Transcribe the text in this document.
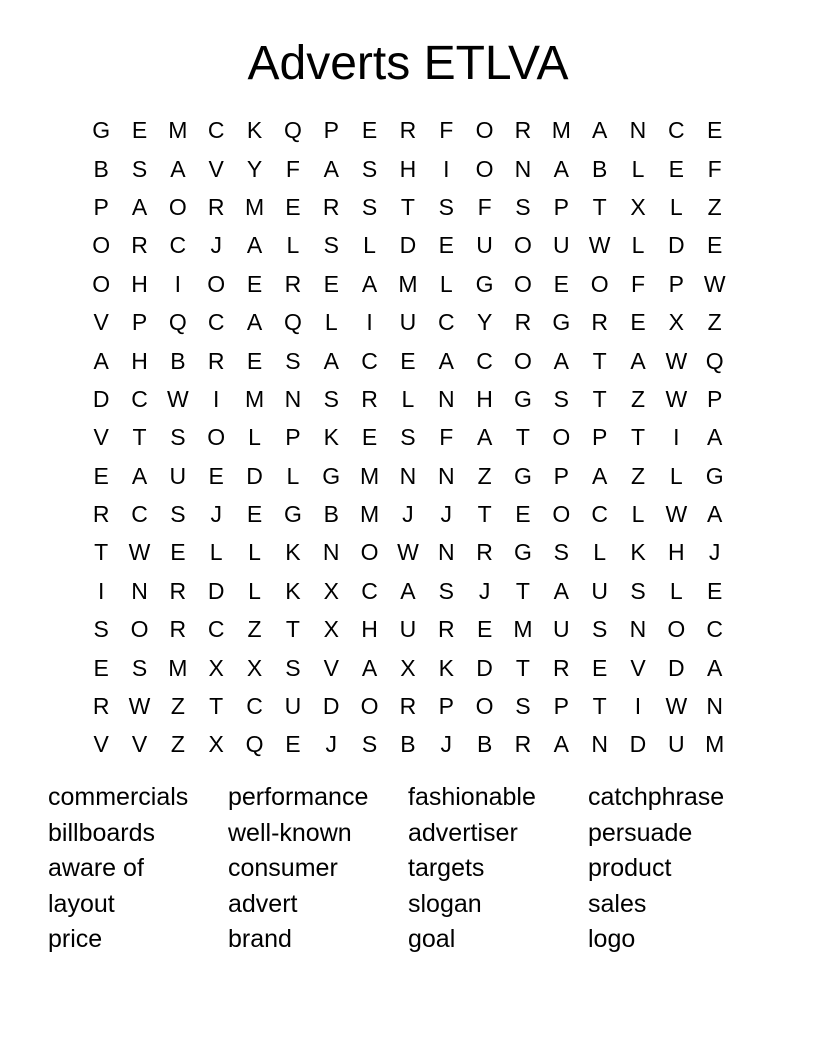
Adverts ETLVA
G E M C K Q P	E R	F O R M A N C E
B	S	A	V	Y	F	A	S H	I	O N A	B	L	E	F
P	A O R M E R S	T	S	F	S	P	T	X	L	Z
O R C	J	A	L	S	L	D E U O U W L	D E
O H	I	O E R E	A M L	G O E O F	P W
V	P Q C A Q	L	I	U C Y R G R E	X	Z
A H B R E	S	A C E	A C O A	T	A W Q
D C W	I	M N S R	L	N H G S	T	Z W P
V	T	S O	L	P	K	E	S	F	A	T O P	T	I	A
E	A U E D	L	G M N N	Z G P	A	Z	L	G
R C S	J	E G B M	J	J	T	E O C	L W A
T W E	L	L	K N O W N R G S	L	K H	J
I	N R D	L	K	X C A	S	J	T	A U S	L	E
S O R C	Z	T	X H U R E M U S N O C
E	S M X	X	S	V	A	X	K D	T	R E	V D A
R W Z	T	C U D O R P O S	P	T	I	W N
V	V	Z	X Q E	J	S	B	J	B R A N D U M
commercials	performance	fashionable	catchphrase
billboards	well-known	advertiser	persuade
aware of	consumer	targets	product
layout	advert	slogan	sales
price	brand	goal	logo
